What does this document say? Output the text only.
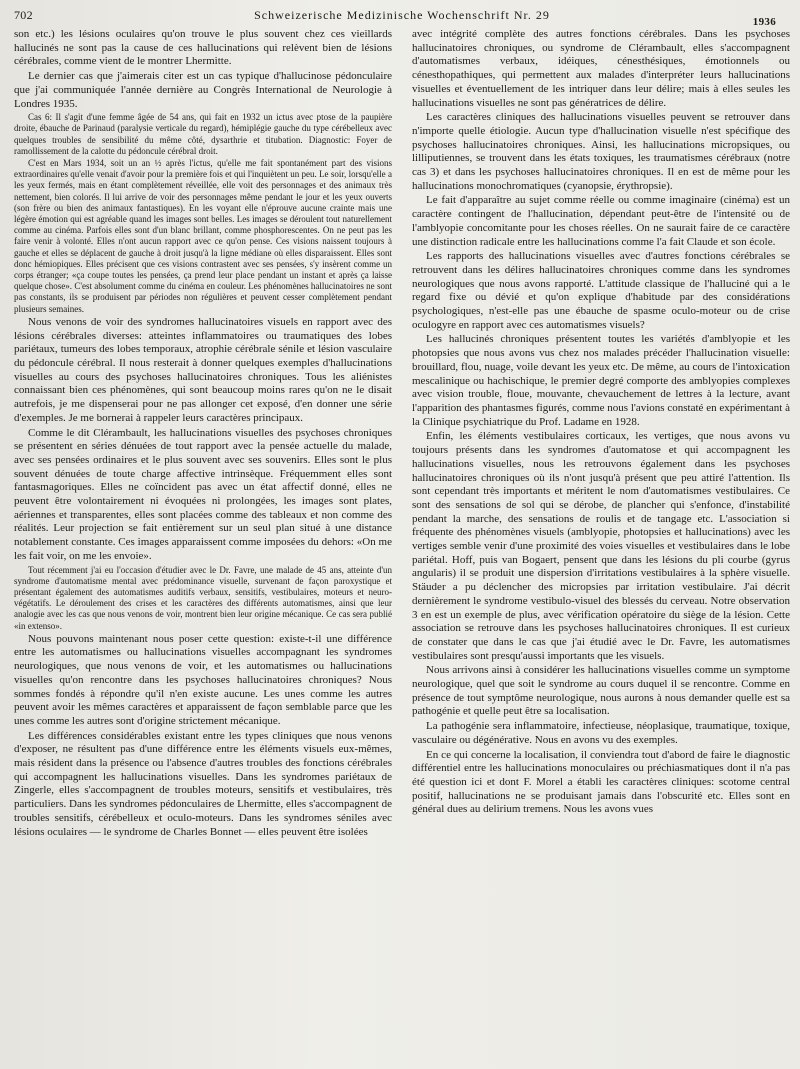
702	Schweizerische Medizinische Wochenschrift Nr. 29	1936

son etc.) les lésions oculaires qu'on trouve le plus souvent chez ces vieillards hallucinés ne sont pas la cause de ces hallucinations qui relèvent bien de lésions cérébrales, comme vient de le montrer Lhermitte.

Le dernier cas que j'aimerais citer est un cas typique d'hallucinose pédonculaire que j'ai communiquée l'année dernière au Congrès International de Neurologie à Londres 1935.

Cas 6: Il s'agit d'une femme âgée de 54 ans, qui fait en 1932 un ictus avec ptose de la paupière droite, ébauche de Parinaud (paralysie verticale du regard), hémiplégie gauche du type cérébelleux avec quelques troubles de sensibilité du même côté, dysarthrie et titubation. Diagnostic: Foyer de ramollissement de la calotte du pédoncule cérébral droit.

C'est en Mars 1934, soit un an ½ après l'ictus, qu'elle me fait spontanément part des visions extraordinaires qu'elle venait d'avoir pour la première fois et qui l'inquiètent un peu. Le soir, lorsqu'elle a les yeux fermés, mais en étant complètement réveillée, elle voit des personnages et des animaux très nettement, bien colorés. Il lui arrive de voir des personnages même pendant le jour et les yeux ouverts (son frère ou bien des animaux fantastiques). En les voyant elle n'éprouve aucune crainte mais une légère émotion qui est agréable quand les images sont belles. Les images se déroulent tout naturellement comme au cinéma. Parfois elles sont d'un blanc brillant, comme phosphorescentes. On ne peut pas les faire venir à volonté. Elles n'ont aucun rapport avec ce qu'on pense. Ces visions naissent toujours à gauche et elles se déplacent de gauche à droit jusqu'à la ligne médiane où elles disparaissent. Elles sont donc hémiopiques. Elles précisent que ces visions contrastent avec ses pensées, s'y insèrent comme un corps étranger; «ça coupe toutes les pensées, ça prend leur place pendant un instant et après ça laisse quelque chose». C'est absolument comme du cinéma en couleur. Les phénomènes hallucinatoires ne sont pas constants, ils se produisent par périodes non régulières et peuvent cesser complètement pendant plusieurs semaines.

Nous venons de voir des syndromes hallucinatoires visuels en rapport avec des lésions cérébrales diverses: atteintes inflammatoires ou traumatiques des lobes pariétaux, tumeurs des lobes temporaux, atrophie cérébrale sénile et lésion vasculaire du pédoncule cérébral. Il nous resterait à donner quelques exemples d'hallucinations visuelles au cours des psychoses hallucinatoires chroniques. Tous les aliénistes connaissant bien ces phénomènes, qui sont beaucoup moins rares qu'on ne le disait autrefois, je me dispenserai pour ne pas allonger cet exposé, d'en donner une série d'exemples. Je me bornerai à rappeler leurs caractères principaux.

Comme le dit Clérambault, les hallucinations visuelles des psychoses chroniques se présentent en séries dénuées de tout rapport avec la pensée actuelle du malade, avec ses pensées ordinaires et le plus souvent avec ses souvenirs. Elles sont le plus souvent dénuées de toute charge affective intrinsèque. Fréquemment elles sont fantasmagoriques. Elles ne coïncident pas avec un état affectif donné, elles ne peuvent être volontairement ni évoquées ni prolongées, les images sont plates, aériennes et transparentes, elles sont placées comme des tableaux et non comme des réalités. Leur projection se fait entièrement sur un seul plan situé à une distance notablement constante. Ces images apparaissent comme imposées du dehors: «On me les fait voir, on me les envoie».

Tout récemment j'ai eu l'occasion d'étudier avec le Dr. Favre, une malade de 45 ans, atteinte d'un syndrome d'automatisme mental avec prédominance visuelle, survenant de façon paroxystique et présentant également des automatismes auditifs verbaux, sensitifs, vestibulaires, moteurs et neuro-végétatifs. Le déroulement des crises et les caractères des différents automatismes, ainsi que leur analogie avec les cas que nous venons de voir, montrent bien leur origine mécanique. Ce cas sera publié «in extenso».

Nous pouvons maintenant nous poser cette question: existe-t-il une différence entre les automatismes ou hallucinations visuelles accompagnant les syndromes neurologiques, que nous venons de voir, et les automatismes ou hallucinations visuelles qu'on rencontre dans les psychoses hallucinatoires chroniques? Nous sommes fondés à répondre qu'il n'en existe aucune. Les unes comme les autres peuvent avoir les mêmes caractères et apparaissent de façon semblable parce que les unes comme les autres sont d'origine strictement mécanique.

Les différences considérables existant entre les types cliniques que nous venons d'exposer, ne résultent pas d'une différence entre les éléments visuels eux-mêmes, mais résident dans la présence ou l'absence d'autres troubles des fonctions cérébrales qui accompagnent les hallucinations visuelles. Dans les syndromes pariétaux de Zingerle, elles s'accompagnent de troubles moteurs, sensitifs et vestibulaires, très particuliers. Dans les syndromes pédonculaires de Lhermitte, elles s'accompagnent de troubles sensitifs, cérébelleux et oculo-moteurs. Dans les syndromes séniles avec lésions oculaires — le syndrome de Charles Bonnet — elles peuvent être isolées

avec intégrité complète des autres fonctions cérébrales. Dans les psychoses hallucinatoires chroniques, ou syndrome de Clérambault, elles s'accompagnent d'automatismes verbaux, idéiques, cénesthésiques, émotionnels ou cénesthopathiques, qui permettent aux malades d'interpréter leurs hallucinations visuelles et éventuellement de les intriquer dans leur délire; mais à elles seules les hallucinations visuelles ne sont pas génératrices de délire.

Les caractères cliniques des hallucinations visuelles peuvent se retrouver dans n'importe quelle étiologie. Aucun type d'hallucination visuelle n'est spécifique des psychoses hallucinatoires chroniques. Ainsi, les hallucinations micropsiques, ou lilliputiennes, se trouvent dans les états toxiques, les traumatismes cérébraux (notre cas 3) et dans les psychoses hallucinatoires chroniques. Il en est de même pour les hallucinations monochromatiques (cyanopsie, érythropsie).

Le fait d'apparaître au sujet comme réelle ou comme imaginaire (cinéma) est un caractère contingent de l'hallucination, dépendant peut-être de l'intensité ou de l'amblyopie concomitante pour les choses réelles. On ne saurait faire de ce caractère une distinction radicale entre les hallucinations comme l'a fait Claude et son école.

Les rapports des hallucinations visuelles avec d'autres fonctions cérébrales se retrouvent dans les délires hallucinatoires chroniques comme dans les syndromes neurologiques que nous avons rapporté. L'attitude classique de l'halluciné qui a le regard fixe ou dévié et qu'on explique d'habitude par des considérations psychologiques, n'est-elle pas une ébauche de spasme oculo-moteur ou de crise oculogyre en rapport avec ces automatismes visuels?

Les hallucinés chroniques présentent toutes les variétés d'amblyopie et les photopsies que nous avons vus chez nos malades précéder l'hallucination visuelle: brouillard, flou, nuage, voile devant les yeux etc. De même, au cours de l'intoxication mescalinique ou hachischique, le premier degré comporte des amblyopies complexes avec vision trouble, floue, mouvante, chevauchement de lettres à la lecture, avant l'apparition des phantasmes figurés, comme nous l'avions constaté en expérimentant à la Clinique psychiatrique du Prof. Ladame en 1928.

Enfin, les éléments vestibulaires corticaux, les vertiges, que nous avons vu toujours présents dans les syndromes d'automatose et qui accompagnent les hallucinations visuelles, nous les retrouvons également dans les psychoses hallucinatoires chroniques où ils n'ont jusqu'à présent que peu attiré l'attention. Ils sont cependant très importants et méritent le nom d'automatismes vestibulaires. Ce sont des sensations de sol qui se dérobe, de plancher qui s'enfonce, d'instabilité pendant la marche, des sensations de roulis et de tangage etc. L'association si fréquente des phénomènes visuels (amblyopie, photopsies et hallucinations) avec les vertiges semble venir d'une proximité des voies visuelles et vestibulaires dans le lobe pariétal. Hoff, puis van Bogaert, pensent que dans les lésions du pli courbe (gyrus angularis) il se produit une dispersion d'irritations vestibulaires à la sphère visuelle. Stäuder a pu déclencher des micropsies par irritation vestibulaire. J'ai décrit dernièrement le syndrome vestibulo-visuel des blessés du cerveau. Notre observation 3 en est un exemple de plus, avec vérification opératoire du siège de la lésion. Cette association se retrouve dans les psychoses hallucinatoires chroniques. Il est curieux de constater que dans le cas que j'ai étudié avec le Dr. Favre, les automatismes vestibulaires sont presqu'aussi importants que les visuels.

Nous arrivons ainsi à considérer les hallucinations visuelles comme un symptome neurologique, quel que soit le syndrome au cours duquel il se rencontre. Comme en présence de tout symptôme neurologique, nous aurons à nous demander quelle est sa pathogénie et quelle peut être sa localisation.

La pathogénie sera inflammatoire, infectieuse, néoplasique, traumatique, toxique, vasculaire ou dégénérative. Nous en avons vu des exemples.

En ce qui concerne la localisation, il conviendra tout d'abord de faire le diagnostic différentiel entre les hallucinations monoculaires ou préchiasmatiques dont il n'a pas été question ici et dont F. Morel a établi les caractères cliniques: scotome central positif, hallucinations ne se produisant jamais dans l'obscurité etc. Elles sont en général dues au delirium tremens. Nous les avons vues
